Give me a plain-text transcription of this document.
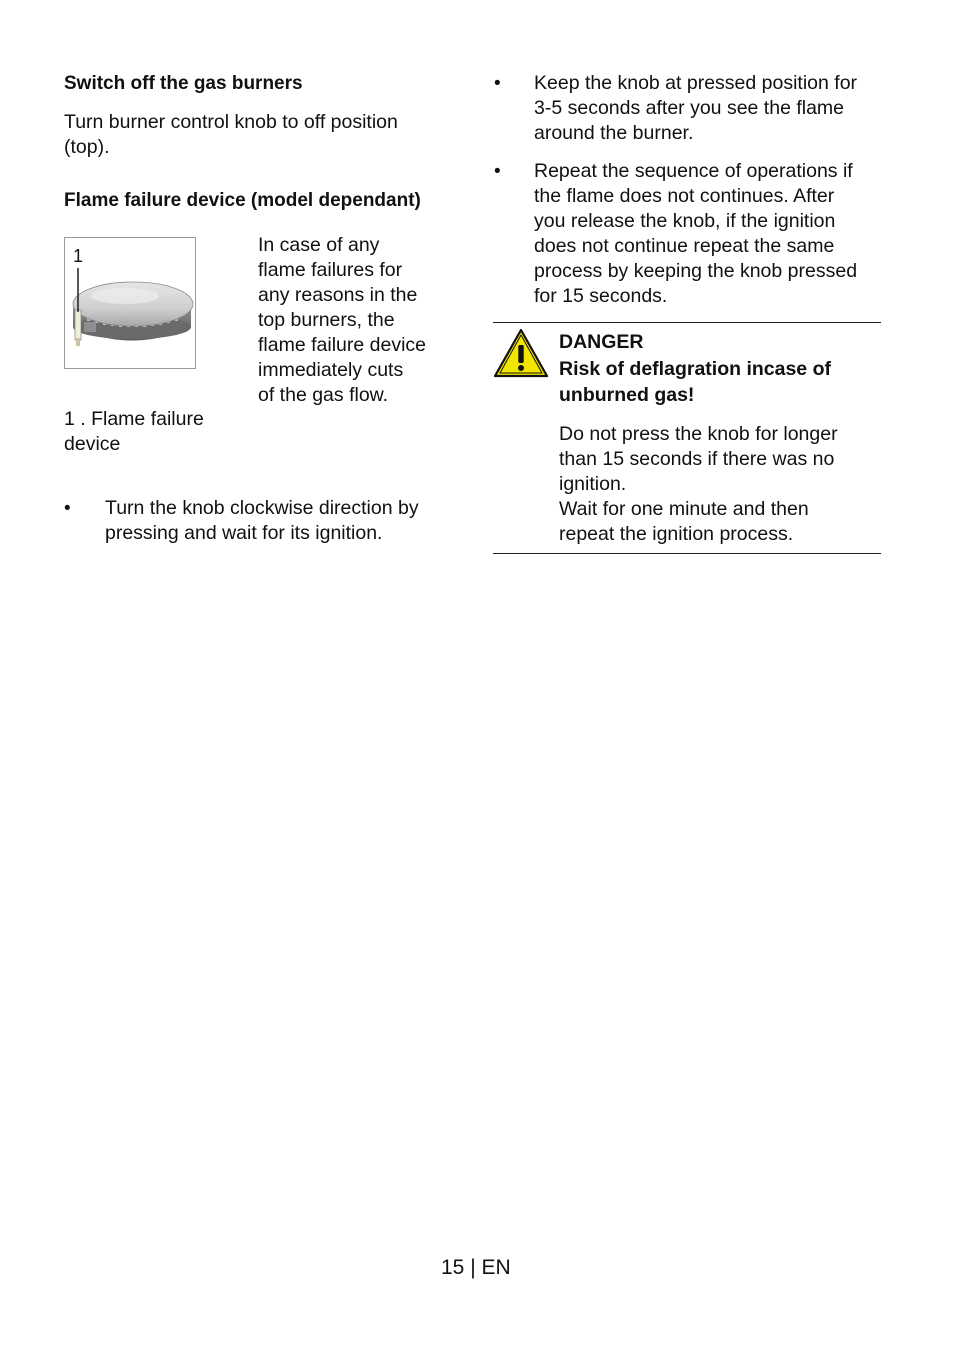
Switch off the gas burners
Turn burner control knob to off position
(top).
Flame failure device (model dependant)
1	In case of any
flame failures for
any reasons in the
top burners, the
flame failure device
immediately cuts
of the gas flow.
1 . Flame failure
device
• Turn the knob clockwise direction by
pressing and wait for its ignition.
• Keep the knob at pressed position for
3-5 seconds after you see the flame
around the burner.
• Repeat the sequence of operations if
the flame does not continues. After
you release the knob, if the ignition
does not continue repeat the same
process by keeping the knob pressed
for 15 seconds.
DANGER
Risk of deflagration incase of
unburned gas!
Do not press the knob for longer
than 15 seconds if there was no
ignition.
Wait for one minute and then
repeat the ignition process.
15 | EN
